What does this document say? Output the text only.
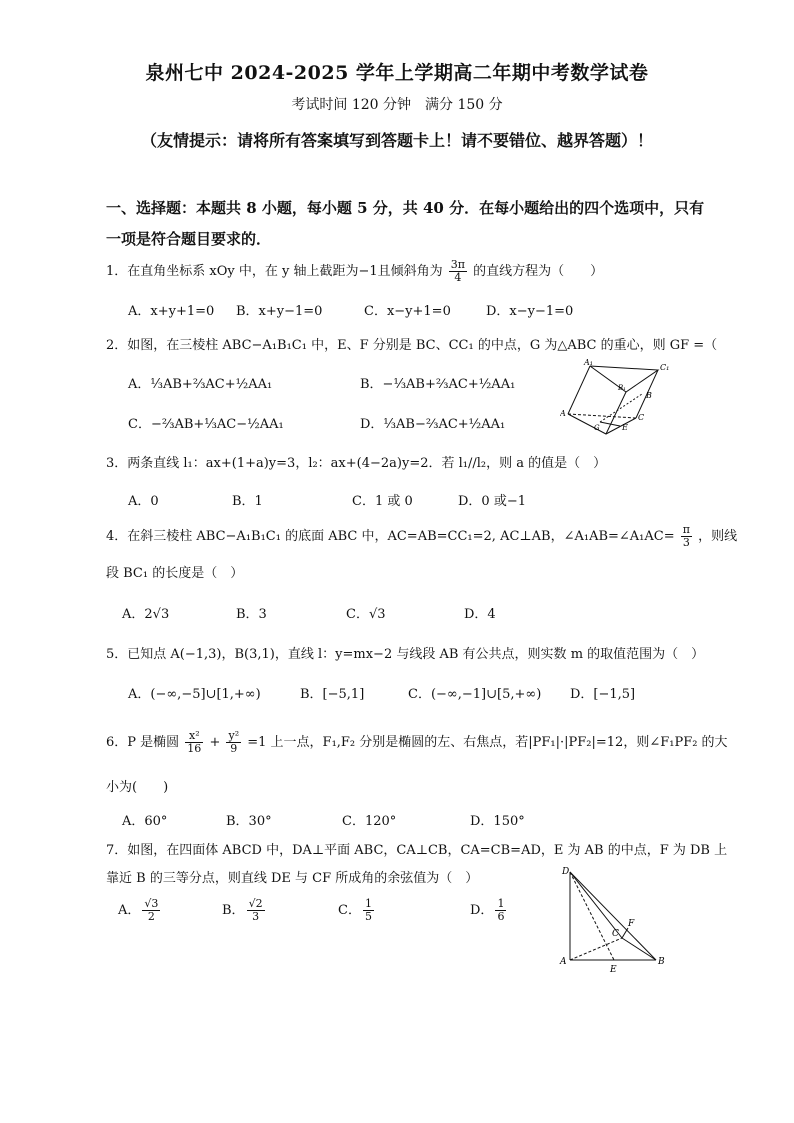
泉州七中 2024-2025 学年上学期高二年期中考数学试卷
考试时间 120 分钟　满分 150 分
（友情提示：请将所有答案填写到答题卡上！请不要错位、越界答题）！
一、选择题：本题共 8 小题，每小题 5 分，共 40 分．在每小题给出的四个选项中，只有
一项是符合题目要求的．
1．在直角坐标系 xOy 中，在 y 轴上截距为−1且倾斜角为 $\frac{3\pi}{4}$ 的直线方程为（　　）
A．x+y+1=0 B．x+y−1=0	C．x−y+1=0	D．x−y−1=0
2．如图，在三棱柱 ABC−A₁B₁C₁ 中，E、F 分别是 BC、CC₁ 的中点，G 为△ABC 的重心，则 GF =（
A．⅓AB+⅔AC+½AA₁	B．−⅓AB+⅔AC+½AA₁
C．−⅔AB+⅓AC−½AA₁	D．⅓AB−⅔AC+½AA₁
A₁
C₁
B₁
B
A	C
G	E
3．两条直线 l₁：ax+(1+a)y=3，l₂：ax+(4−2a)y=2．若 l₁//l₂，则 a 的值是（　）
A．0	B．1	C．1 或 0	D．0 或−1
4．在斜三棱柱 ABC−A₁B₁C₁ 的底面 ABC 中，AC=AB=CC₁=2, AC⊥AB，∠A₁AB=∠A₁AC= $\frac{\pi}{3}$ ，则线
段 BC₁ 的长度是（　）
A．2√3	B．3	C．√3	D．4
5．已知点 A(−1,3)，B(3,1)，直线 l：y=mx−2 与线段 AB 有公共点，则实数 m 的取值范围为（　）
A．(−∞,−5]∪[1,+∞)	B．[−5,1]	C．(−∞,−1]∪[5,+∞) D．[−1,5]
6．P 是椭圆 $\frac{\text{x²}}{16} + \frac{\text{y²}}{9} =1$ 上一点，F₁,F₂ 分别是椭圆的左、右焦点，若|PF₁|·|PF₂|=12，则∠F₁PF₂ 的大
小为(　　)
A．60°	B．30°	C．120°	D．150°
7．如图，在四面体 ABCD 中，DA⊥平面 ABC，CA⊥CB，CA=CB=AD，E 为 AB 的中点，F 为 DB 上
靠近 B 的三等分点，则直线 DE 与 CF 所成角的余弦值为（　）
A． $\frac{√3}{2}$	B． $\frac{√2}{3}$	C． $\frac{1}{5}$	D． $\frac{1}{6}$
D
F
C
A
E
B
